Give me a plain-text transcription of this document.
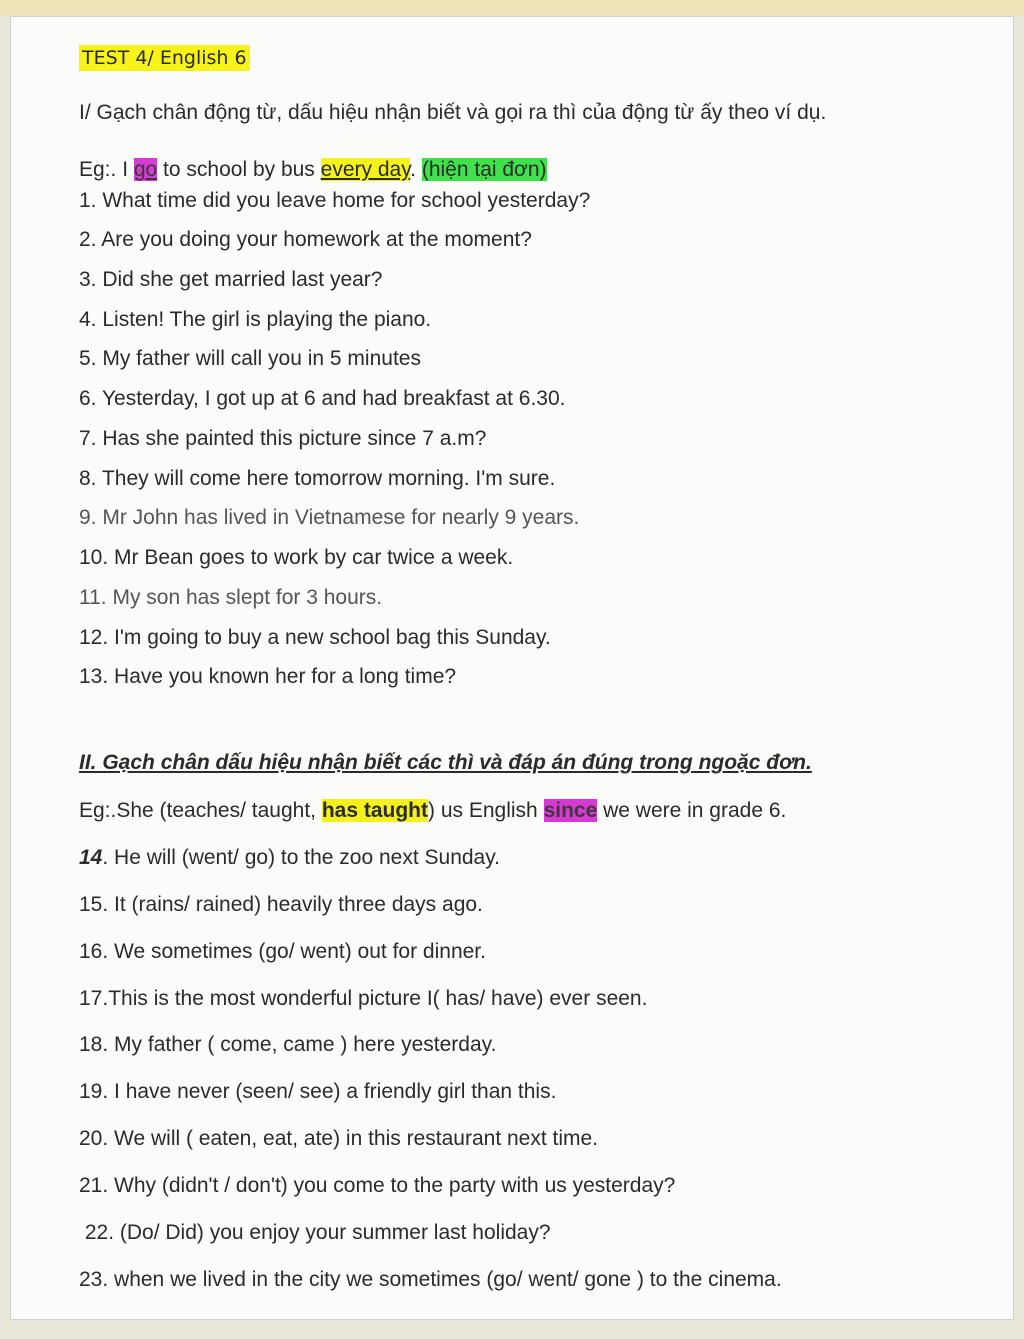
TEST 4/ English 6
I/ Gạch chân động từ, dấu hiệu nhận biết và gọi ra thì của động từ ấy theo ví dụ.
Eg:. I go to school by bus every day. (hiện tại đơn)
1. What time did you leave home for school yesterday?
2. Are you doing your homework at the moment?
3. Did she get married last year?
4. Listen! The girl is playing the piano.
5. My father will call you in 5 minutes
6. Yesterday, I got up at 6 and had breakfast at 6.30.
7. Has she painted this picture since 7 a.m?
8. They will come here tomorrow morning. I'm sure.
9. Mr John has lived in Vietnamese for nearly 9 years.
10. Mr Bean goes to work by car twice a week.
11. My son has slept for 3 hours.
12. I'm going to buy a new school bag this Sunday.
13. Have you known her for a long time?
II. Gạch chân dấu hiệu nhận biết các thì và đáp án đúng trong ngoặc đơn.
Eg:.She (teaches/ taught, has taught) us English since we were in grade 6.
14. He will (went/ go) to the zoo next Sunday.
15. It (rains/ rained) heavily three days ago.
16. We sometimes (go/ went) out for dinner.
17.This is the most wonderful picture I( has/ have) ever seen.
18. My father ( come, came ) here yesterday.
19. I have never (seen/ see) a friendly girl than this.
20. We will ( eaten, eat, ate) in this restaurant next time.
21. Why (didn't / don't) you come to the party with us yesterday?
22. (Do/ Did) you enjoy your summer last holiday?
23. when we lived in the city we sometimes (go/ went/ gone ) to the cinema.
